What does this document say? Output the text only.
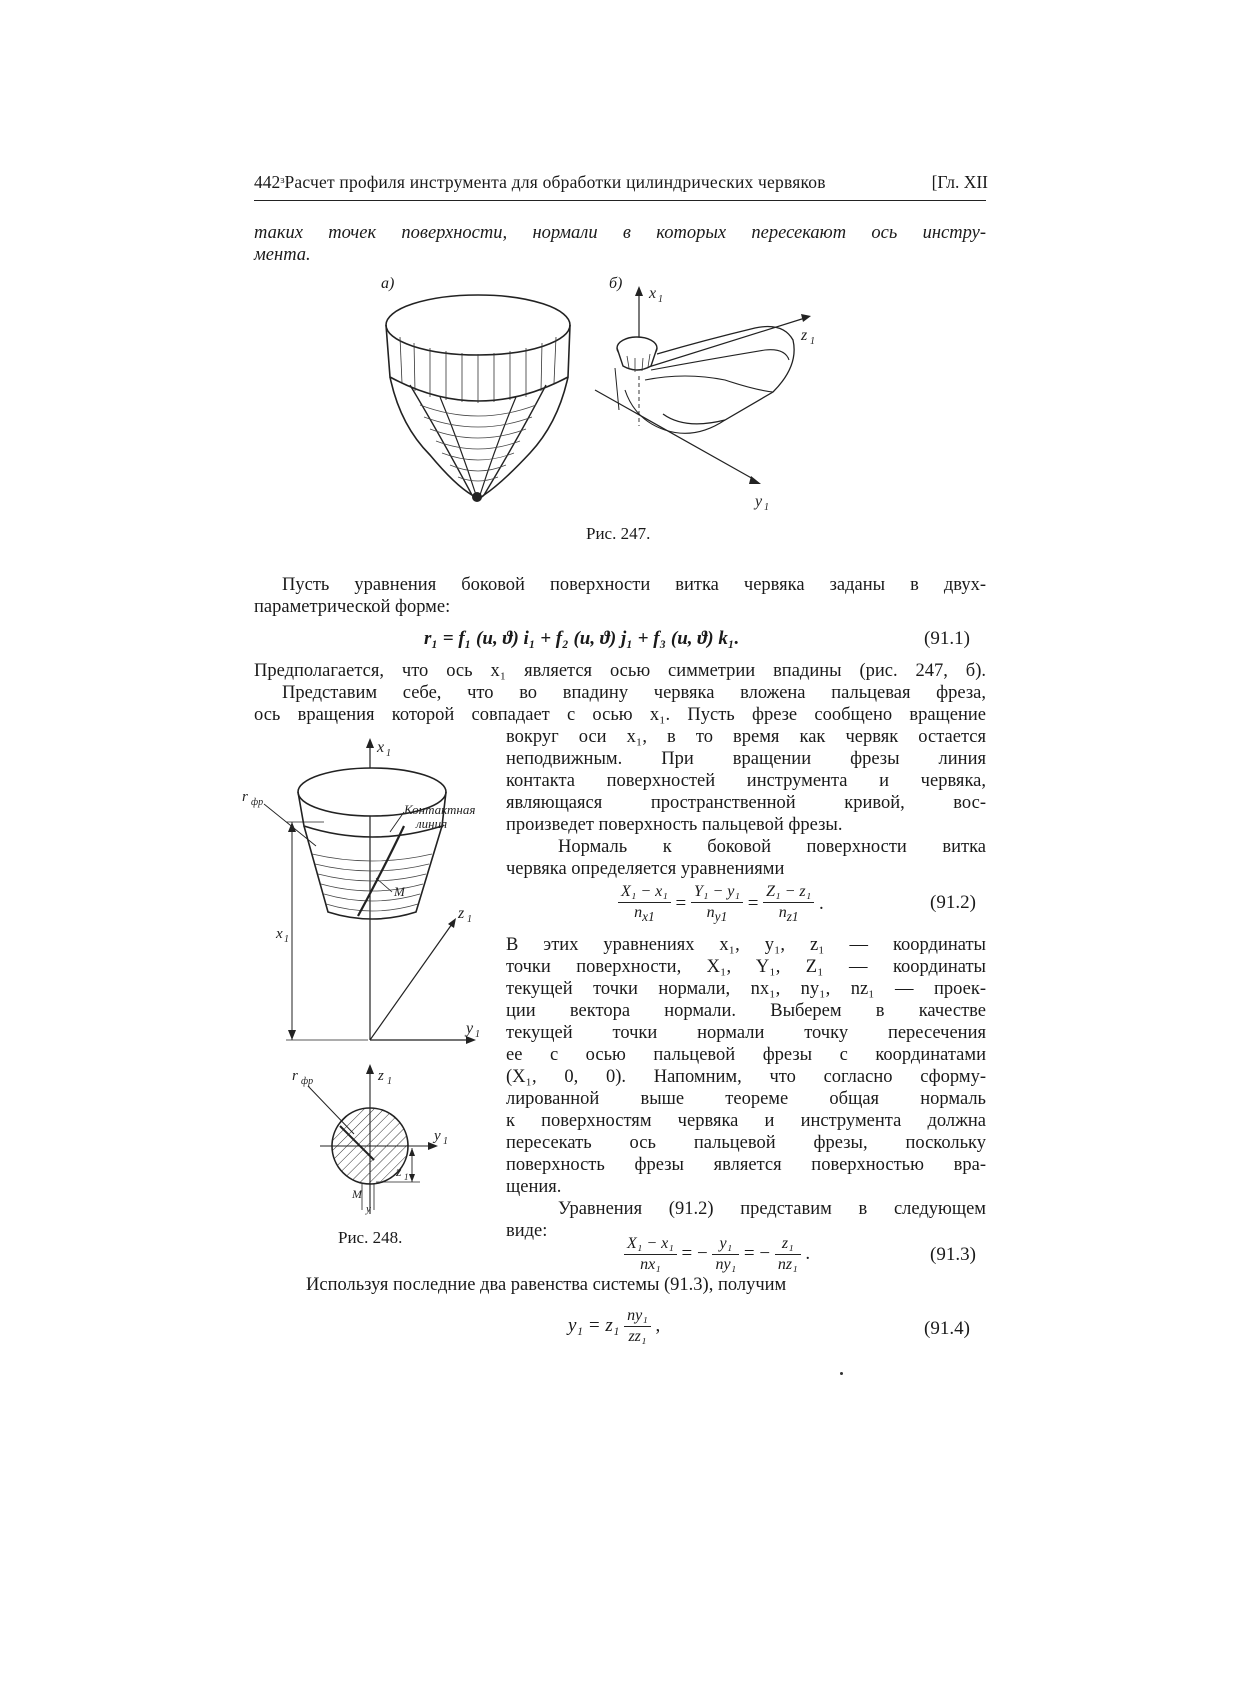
442ᵌРасчет профиля инструмента для обработки цилиндрических червяков	[Гл. XII
таких точек поверхности, нормали в которых пересекают ось инстру-
мента.
а)	б)
x 1
z 1
y 1
Рис. 247.
Пусть уравнения боковой поверхности витка червяка заданы в двух-
параметрической форме:
r₁ = f₁ (u, ϑ) i₁ + f₂ (u, ϑ) j₁ + f₃ (u, ϑ) k₁.	(91.1)
Предполагается, что ось x₁ является осью симметрии впадины (рис. 247, б).
Представим себе, что во впадину червяка вложена пальцевая фреза,
ось вращения которой совпадает с осью x₁. Пусть фрезе сообщено вращение
вокруг оси x₁, в то время как червяк остается
неподвижным. При вращении фрезы линия
контакта поверхностей инструмента и червяка,
являющаяся пространственной кривой, вос-
произведет поверхность пальцевой фрезы.
Нормаль к боковой поверхности витка
червяка определяется уравнениями
$\frac{\text{X₁ − x₁}}{n_{x1}} = \frac{\text{Y₁ − y₁}}{n_{y1}} = \frac{\text{Z₁ − z₁}}{n_{z1}}$ .	(91.2)
В этих уравнениях x₁, y₁, z₁ — координаты
точки поверхности, X₁, Y₁, Z₁ — координаты
текущей точки нормали, nx₁, ny₁, nz₁ — проек-
ции вектора нормали. Выберем в качестве
текущей точки нормали точку пересечения
ее с осью пальцевой фрезы с координатами
(X₁, 0, 0). Напомним, что согласно сформу-
лированной выше теореме общая нормаль
к поверхностям червяка и инструмента должна
пересекать ось пальцевой фрезы, поскольку
поверхность фрезы является поверхностью вра-
щения.
Уравнения (91.2) представим в следующем
виде:
$\frac{\text{X₁ − x₁}}{\text{nx₁}}$ = − $\frac{\text{y₁}}{\text{ny₁}}$ = − $\frac{\text{z₁}}{\text{nz₁}}$ .	(91.3)
x 1
r фр	Контактная
линия
M
x 1
z 1
y 1
z 1
y 1
r фр
z 1
M
y
Рис. 248.
Используя последние два равенства системы (91.3), получим
$y_1 = z_1 \frac{\text{ny₁}}{\text{zz₁}}$ ,	(91.4)
